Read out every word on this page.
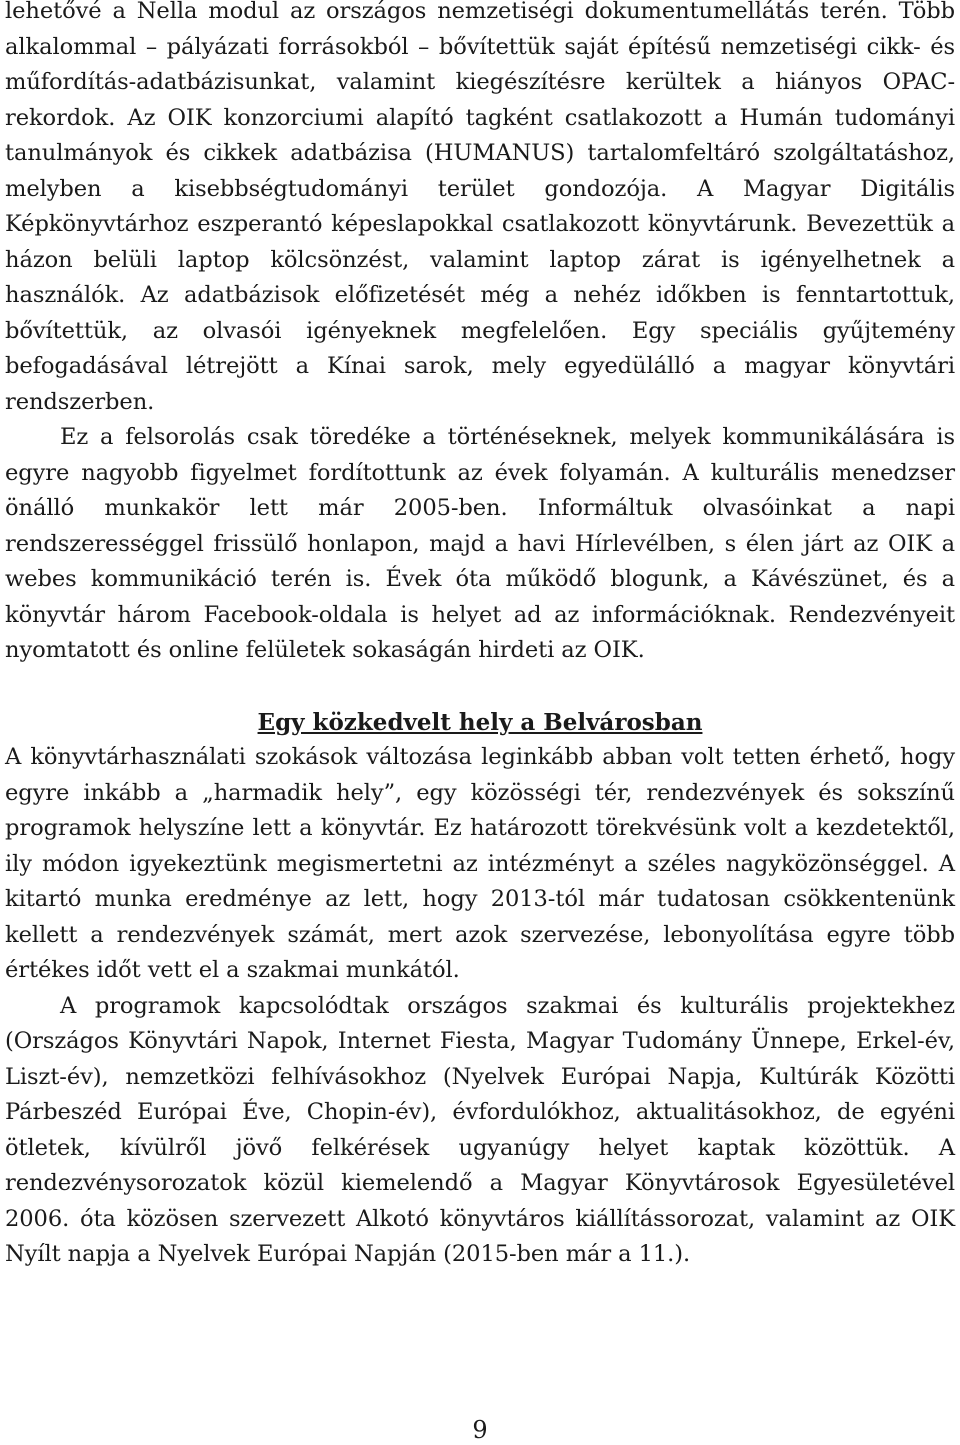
lehetővé a Nella modul az országos nemzetiségi dokumentumellátás terén. Több alkalommal – pályázati forrásokból – bővítettük saját építésű nemzetiségi cikk- és műfordítás-adatbázisunkat, valamint kiegészítésre kerültek a hiányos OPAC-rekordok. Az OIK konzorciumi alapító tagként csatlakozott a Humán tudományi tanulmányok és cikkek adatbázisa (HUMANUS) tartalomfeltáró szolgáltatáshoz, melyben a kisebbségtudományi terület gondozója. A Magyar Digitális Képkönyvtárhoz eszperantó képeslapokkal csatlakozott könyvtárunk. Bevezettük a házon belüli laptop kölcsönzést, valamint laptop zárat is igényelhetnek a használók. Az adatbázisok előfizetését még a nehéz időkben is fenntartottuk, bővítettük, az olvasói igényeknek megfelelően. Egy speciális gyűjtemény befogadásával létrejött a Kínai sarok, mely egyedülálló a magyar könyvtári rendszerben.

Ez a felsorolás csak töredéke a történéseknek, melyek kommunikálására is egyre nagyobb figyelmet fordítottunk az évek folyamán. A kulturális menedzser önálló munkakör lett már 2005-ben. Informáltuk olvasóinkat a napi rendszerességgel frissülő honlapon, majd a havi Hírlevélben, s élen járt az OIK a webes kommunikáció terén is. Évek óta működő blogunk, a Kávészünet, és a könyvtár három Facebook-oldala is helyet ad az információknak. Rendezvényeit nyomtatott és online felületek sokaságán hirdeti az OIK.

Egy közkedvelt hely a Belvárosban

A könyvtárhasználati szokások változása leginkább abban volt tetten érhető, hogy egyre inkább a „harmadik hely”, egy közösségi tér, rendezvények és sokszínű programok helyszíne lett a könyvtár. Ez határozott törekvésünk volt a kezdetektől, ily módon igyekeztünk megismertetni az intézményt a széles nagyközönséggel. A kitartó munka eredménye az lett, hogy 2013-tól már tudatosan csökkentenünk kellett a rendezvények számát, mert azok szervezése, lebonyolítása egyre több értékes időt vett el a szakmai munkától.

A programok kapcsolódtak országos szakmai és kulturális projektekhez (Országos Könyvtári Napok, Internet Fiesta, Magyar Tudomány Ünnepe, Erkel-év, Liszt-év), nemzetközi felhívásokhoz (Nyelvek Európai Napja, Kultúrák Közötti Párbeszéd Európai Éve, Chopin-év), évfordulókhoz, aktualitásokhoz, de egyéni ötletek, kívülről jövő felkérések ugyanúgy helyet kaptak közöttük. A rendezvénysorozatok közül kiemelendő a Magyar Könyvtárosok Egyesületével 2006. óta közösen szervezett Alkotó könyvtáros kiállítássorozat, valamint az OIK Nyílt napja a Nyelvek Európai Napján (2015-ben már a 11.).

9
